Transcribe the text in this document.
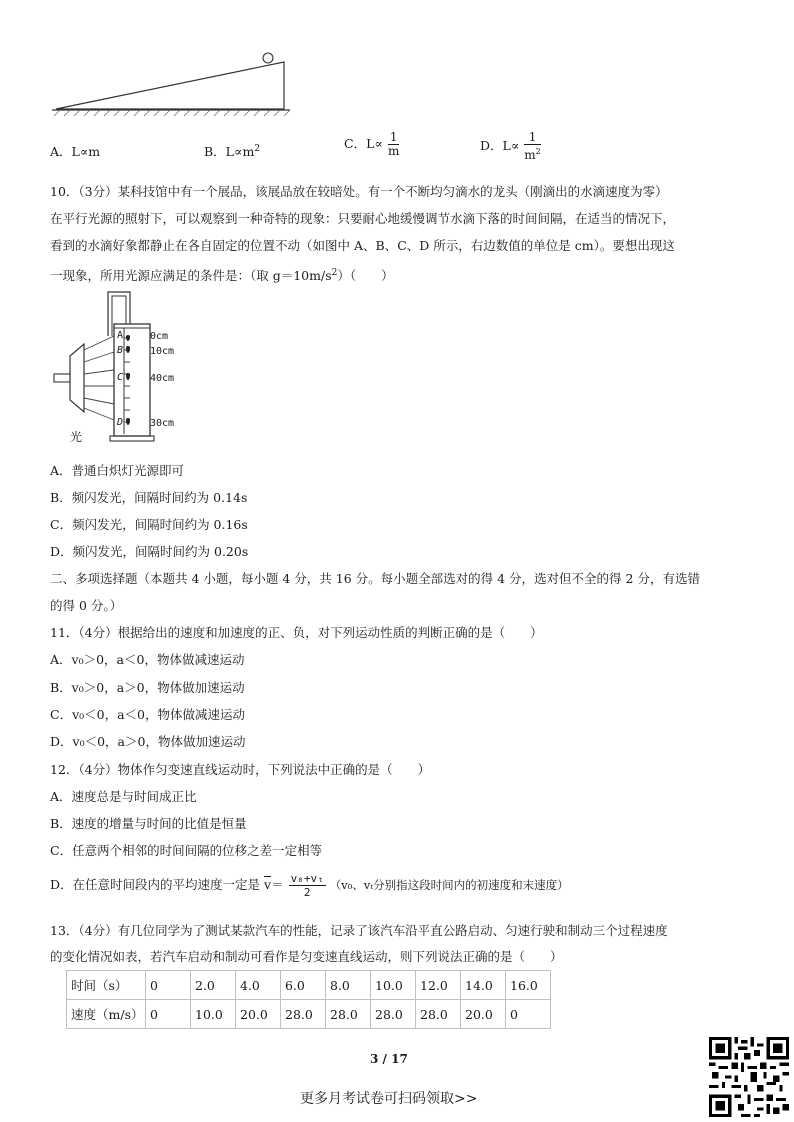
A．L∝m	B．$L\propto m^2$	C．$L\propto \frac{1}{m}$	D．$L\propto \frac{1}{m^2}$
10．（3分）某科技馆中有一个展品，该展品放在较暗处。有一个不断均匀滴水的龙头（刚滴出的水滴速度为零）
在平行光源的照射下，可以观察到一种奇特的现象：只要耐心地缓慢调节水滴下落的时间间隔，在适当的情况下，
看到的水滴好象都静止在各自固定的位置不动（如图中 A、B、C、D 所示，右边数值的单位是 cm）。要想出现这
一现象，所用光源应满足的条件是：（取 $g=10m/s^2$）（　　）
A
B
C
D
0cm
10cm
40cm
30cm
光
A．普通白炽灯光源即可
B．频闪发光，间隔时间约为 0.14s
C．频闪发光，间隔时间约为 0.16s
D．频闪发光，间隔时间约为 0.20s
二、多项选择题（本题共 4 小题，每小题 4 分，共 16 分。每小题全部选对的得 4 分，选对但不全的得 2 分，有选错
的得 0 分。）
11．（4分）根据给出的速度和加速度的正、负，对下列运动性质的判断正确的是（　　）
A．v₀＞0，a＜0，物体做减速运动
B．v₀＞0，a＞0，物体做加速运动
C．v₀＜0，a＜0，物体做减速运动
D．v₀＜0，a＞0，物体做加速运动
12．（4分）物体作匀变速直线运动时，下列说法中正确的是（　　）
A．速度总是与时间成正比
B．速度的增量与时间的比值是恒量
C．任意两个相邻的时间间隔的位移之差一定相等
D．在任意时间段内的平均速度一定是 $\overline{v}= \frac{\text{v₀+vₜ}}{2} (v_0$、vₜ分别指这段时间内的初速度和末速度）
13．（4分）有几位同学为了测试某款汽车的性能，记录了该汽车沿平直公路启动、匀速行驶和制动三个过程速度
的变化情况如表，若汽车启动和制动可看作是匀变速直线运动，则下列说法正确的是（　　）
时间（s）	0	2.0	4.0	6.0	8.0	10.0	12.0	14.0	16.0
速度（m/s）	0	10.0	20.0	28.0	28.0	28.0	28.0	20.0	0
3 / 17
更多月考试卷可扫码领取>>
